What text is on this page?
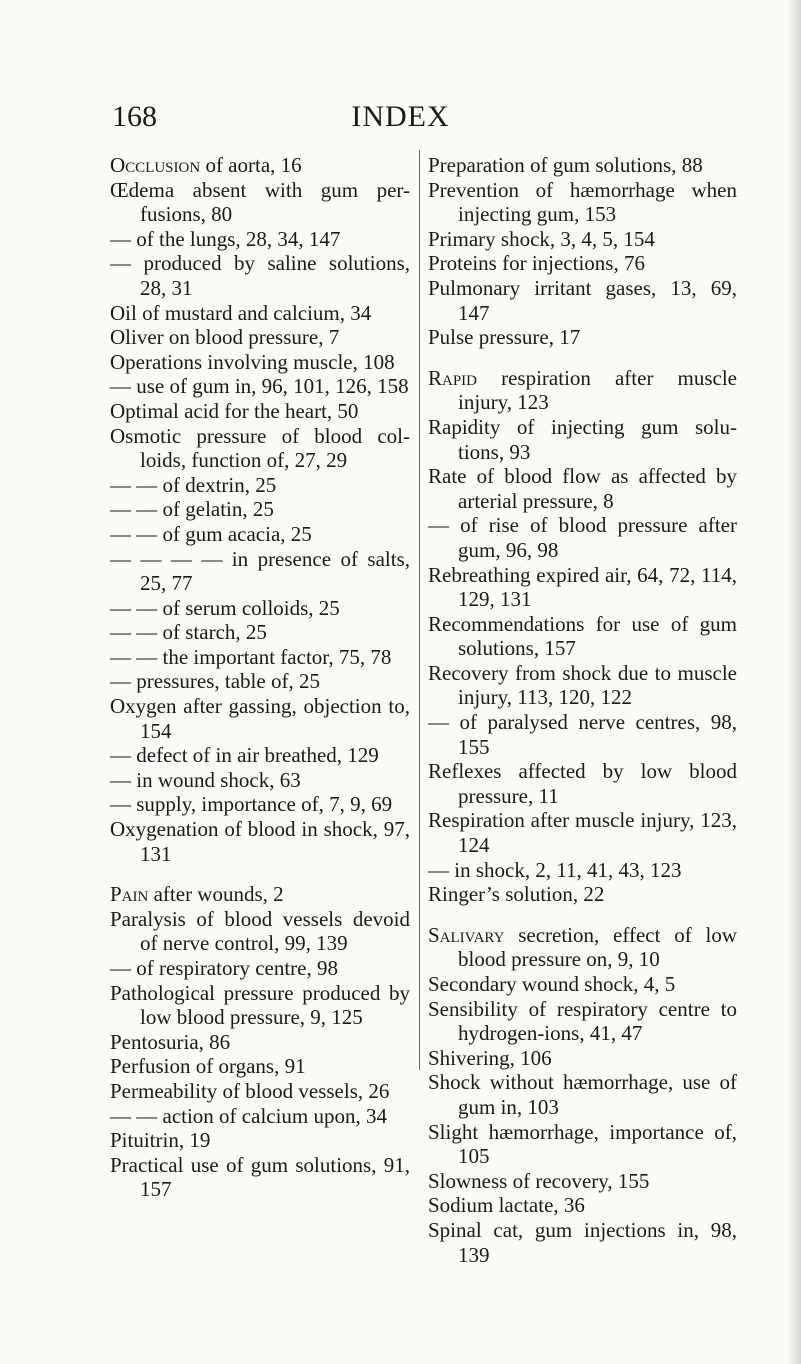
168	INDEX
Occlusion of aorta, 16
Œdema absent with gum per-fusions, 80
— of the lungs, 28, 34, 147
— produced by saline solutions, 28, 31
Oil of mustard and calcium, 34
Oliver on blood pressure, 7
Operations involving muscle, 108
— use of gum in, 96, 101, 126, 158
Optimal acid for the heart, 50
Osmotic pressure of blood col-loids, function of, 27, 29
— — of dextrin, 25
— — of gelatin, 25
— — of gum acacia, 25
— — — — in presence of salts, 25, 77
— — of serum colloids, 25
— — of starch, 25
— — the important factor, 75, 78
— pressures, table of, 25
Oxygen after gassing, objection to, 154
— defect of in air breathed, 129
— in wound shock, 63
— supply, importance of, 7, 9, 69
Oxygenation of blood in shock, 97, 131
Pain after wounds, 2
Paralysis of blood vessels devoid of nerve control, 99, 139
— of respiratory centre, 98
Pathological pressure produced by low blood pressure, 9, 125
Pentosuria, 86
Perfusion of organs, 91
Permeability of blood vessels, 26
— — action of calcium upon, 34
Pituitrin, 19
Practical use of gum solutions, 91, 157
Preparation of gum solutions, 88
Prevention of hæmorrhage when injecting gum, 153
Primary shock, 3, 4, 5, 154
Proteins for injections, 76
Pulmonary irritant gases, 13, 69, 147
Pulse pressure, 17
Rapid respiration after muscle injury, 123
Rapidity of injecting gum solu-tions, 93
Rate of blood flow as affected by arterial pressure, 8
— of rise of blood pressure after gum, 96, 98
Rebreathing expired air, 64, 72, 114, 129, 131
Recommendations for use of gum solutions, 157
Recovery from shock due to muscle injury, 113, 120, 122
— of paralysed nerve centres, 98, 155
Reflexes affected by low blood pressure, 11
Respiration after muscle injury, 123, 124
— in shock, 2, 11, 41, 43, 123
Ringer’s solution, 22
Salivary secretion, effect of low blood pressure on, 9, 10
Secondary wound shock, 4, 5
Sensibility of respiratory centre to hydrogen-ions, 41, 47
Shivering, 106
Shock without hæmorrhage, use of gum in, 103
Slight hæmorrhage, importance of, 105
Slowness of recovery, 155
Sodium lactate, 36
Spinal cat, gum injections in, 98, 139
